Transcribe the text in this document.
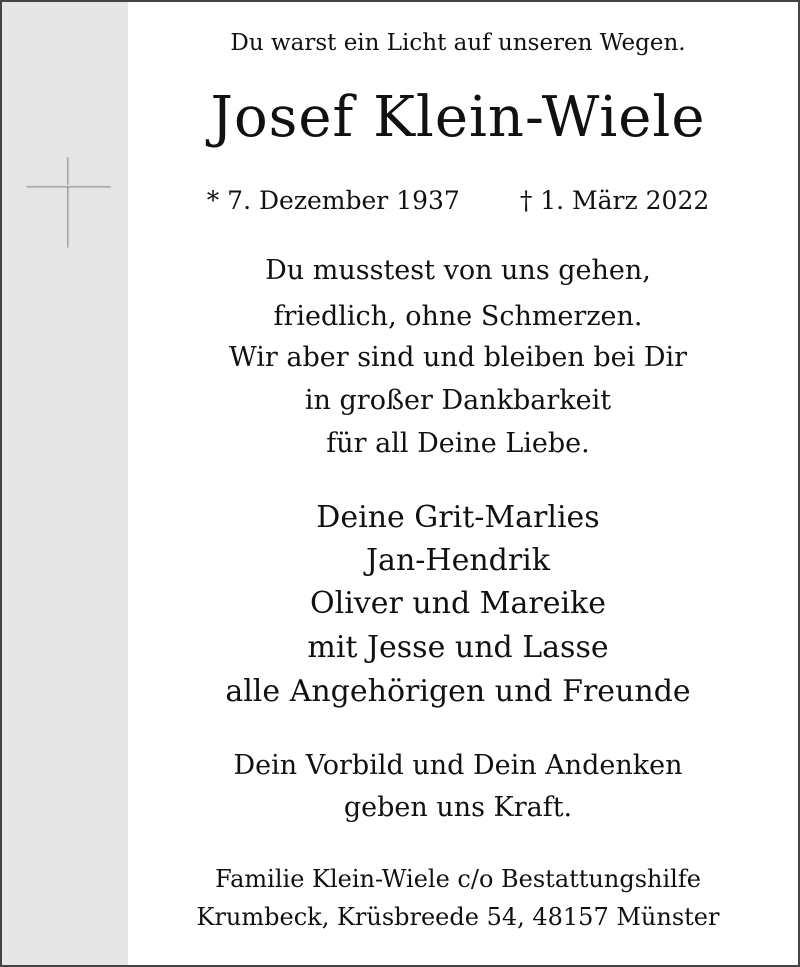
Du warst ein Licht auf unseren Wegen.
Josef Klein-Wiele
* 7. Dezember 1937 † 1. März 2022
Du musstest von uns gehen,
friedlich, ohne Schmerzen.
Wir aber sind und bleiben bei Dir
in großer Dankbarkeit
für all Deine Liebe.
Deine Grit-Marlies
Jan-Hendrik
Oliver und Mareike
mit Jesse und Lasse
alle Angehörigen und Freunde
Dein Vorbild und Dein Andenken
geben uns Kraft.
Familie Klein-Wiele c/o Bestattungshilfe
Krumbeck, Krüsbreede 54, 48157 Münster
